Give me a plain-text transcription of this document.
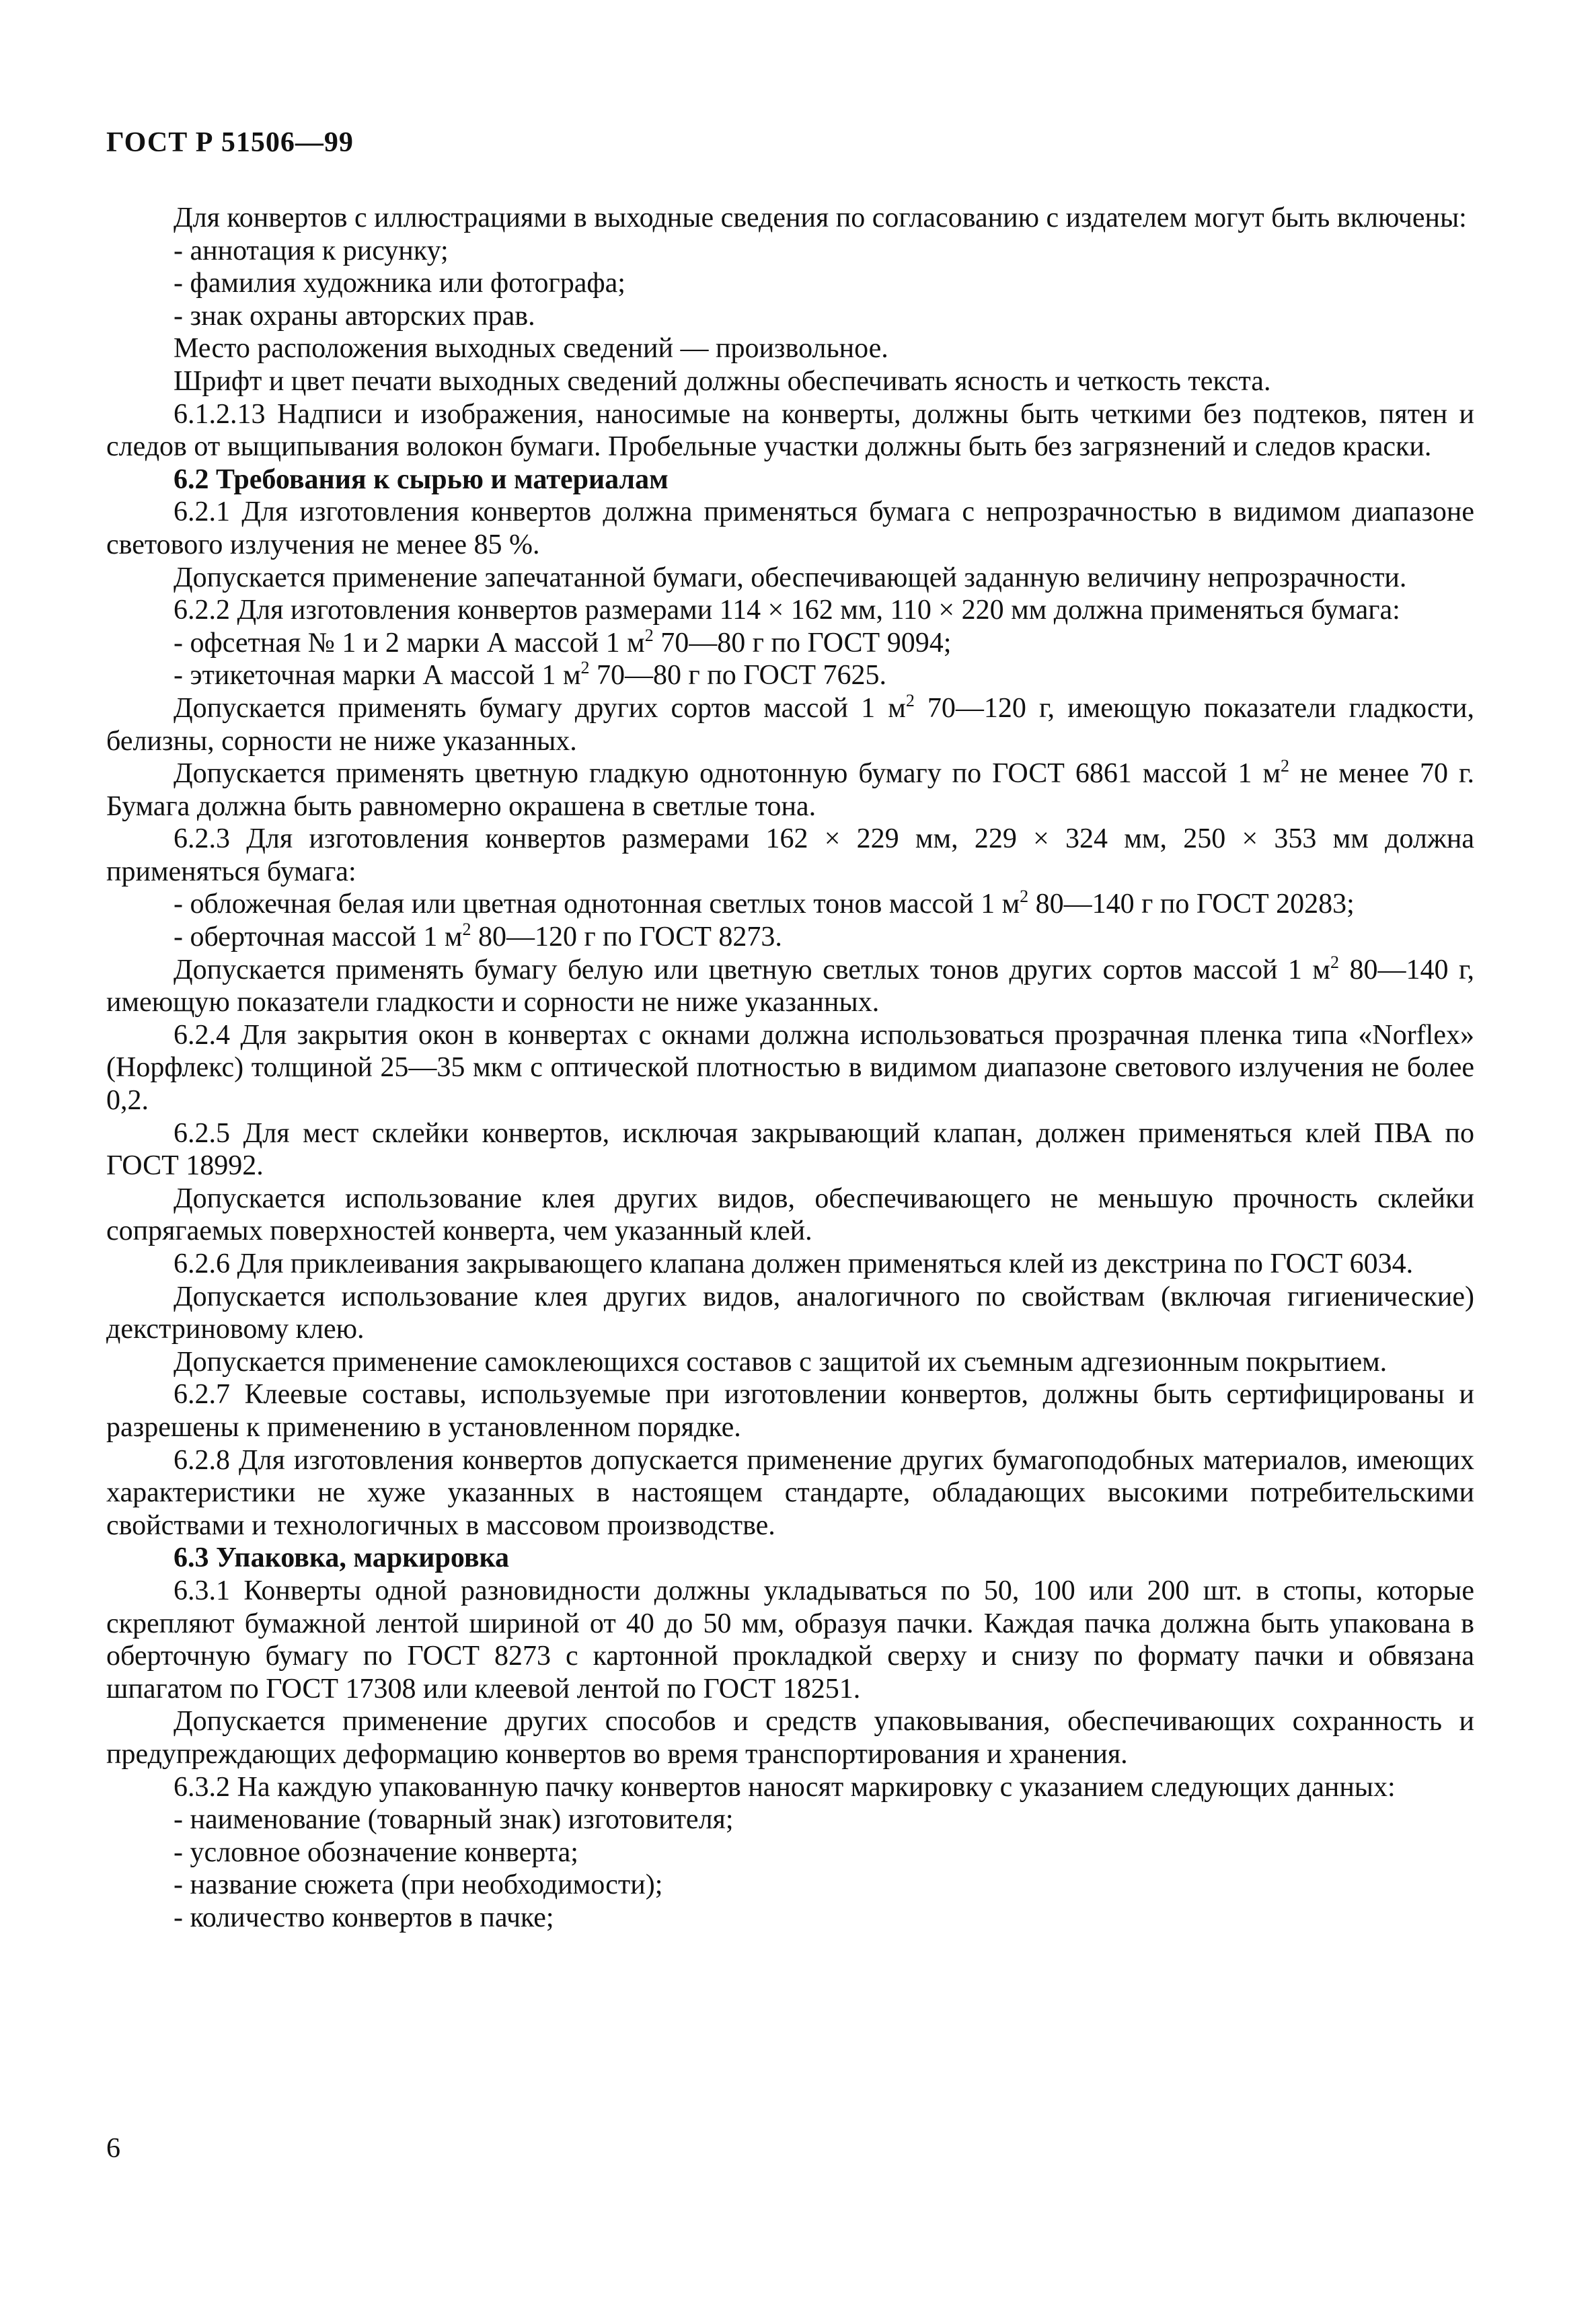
ГОСТ Р 51506—99

Для конвертов с иллюстрациями в выходные сведения по согласованию с издателем могут быть включены:

- аннотация к рисунку;

- фамилия художника или фотографа;

- знак охраны авторских прав.

Место расположения выходных сведений — произвольное.

Шрифт и цвет печати выходных сведений должны обеспечивать ясность и четкость текста.

6.1.2.13 Надписи и изображения, наносимые на конверты, должны быть четкими без подтеков, пятен и следов от выщипывания волокон бумаги. Пробельные участки должны быть без загрязнений и следов краски.

6.2 Требования к сырью и материалам

6.2.1 Для изготовления конвертов должна применяться бумага с непрозрачностью в видимом диапазоне светового излучения не менее 85 %.

Допускается применение запечатанной бумаги, обеспечивающей заданную величину непрозрачности.

6.2.2 Для изготовления конвертов размерами 114 × 162 мм, 110 × 220 мм должна применяться бумага:

- офсетная № 1 и 2 марки А массой 1 $м^2$ 70—80 г по ГОСТ 9094;

- этикеточная марки А массой 1 $м^2$ 70—80 г по ГОСТ 7625.

Допускается применять бумагу других сортов массой 1 $м^2$ 70—120 г, имеющую показатели гладкости, белизны, сорности не ниже указанных.

Допускается применять цветную гладкую однотонную бумагу по ГОСТ 6861 массой 1 $м^2$ не менее 70 г. Бумага должна быть равномерно окрашена в светлые тона.

6.2.3 Для изготовления конвертов размерами 162 × 229 мм, 229 × 324 мм, 250 × 353 мм должна применяться бумага:

- обложечная белая или цветная однотонная светлых тонов массой 1 $м^2$ 80—140 г по ГОСТ 20283;

- оберточная массой 1 $м^2$ 80—120 г по ГОСТ 8273.

Допускается применять бумагу белую или цветную светлых тонов других сортов массой 1 $м^2$ 80—140 г, имеющую показатели гладкости и сорности не ниже указанных.

6.2.4 Для закрытия окон в конвертах с окнами должна использоваться прозрачная пленка типа «Norflex» (Норфлекс) толщиной 25—35 мкм с оптической плотностью в видимом диапазоне светового излучения не более 0,2.

6.2.5 Для мест склейки конвертов, исключая закрывающий клапан, должен применяться клей ПВА по ГОСТ 18992.

Допускается использование клея других видов, обеспечивающего не меньшую прочность склейки сопрягаемых поверхностей конверта, чем указанный клей.

6.2.6 Для приклеивания закрывающего клапана должен применяться клей из декстрина по ГОСТ 6034.

Допускается использование клея других видов, аналогичного по свойствам (включая гигиенические) декстриновому клею.

Допускается применение самоклеющихся составов с защитой их съемным адгезионным покрытием.

6.2.7 Клеевые составы, используемые при изготовлении конвертов, должны быть сертифицированы и разрешены к применению в установленном порядке.

6.2.8 Для изготовления конвертов допускается применение других бумагоподобных материалов, имеющих характеристики не хуже указанных в настоящем стандарте, обладающих высокими потребительскими свойствами и технологичных в массовом производстве.

6.3 Упаковка, маркировка

6.3.1 Конверты одной разновидности должны укладываться по 50, 100 или 200 шт. в стопы, которые скрепляют бумажной лентой шириной от 40 до 50 мм, образуя пачки. Каждая пачка должна быть упакована в оберточную бумагу по ГОСТ 8273 с картонной прокладкой сверху и снизу по формату пачки и обвязана шпагатом по ГОСТ 17308 или клеевой лентой по ГОСТ 18251.

Допускается применение других способов и средств упаковывания, обеспечивающих сохранность и предупреждающих деформацию конвертов во время транспортирования и хранения.

6.3.2 На каждую упакованную пачку конвертов наносят маркировку с указанием следующих данных:

- наименование (товарный знак) изготовителя;

- условное обозначение конверта;

- название сюжета (при необходимости);

- количество конвертов в пачке;

6
